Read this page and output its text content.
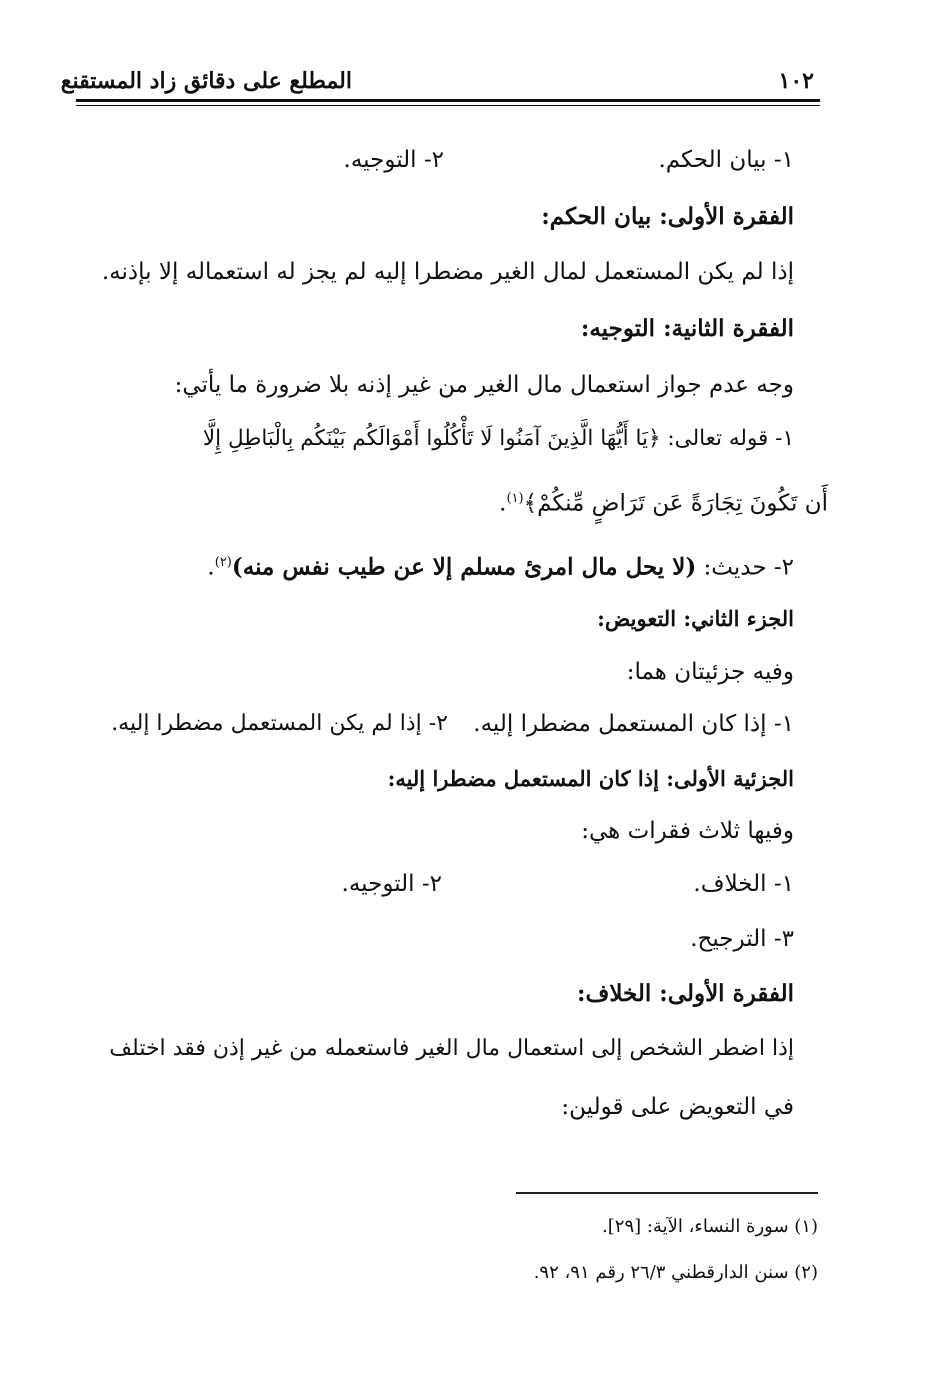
المطلع على دقائق زاد المستقنع	١٠٢
١- بيان الحكم.
٢- التوجيه.
الفقرة الأولى: بيان الحكم:
إذا لم يكن المستعمل لمال الغير مضطرا إليه لم يجز له استعماله إلا بإذنه.
الفقرة الثانية: التوجيه:
وجه عدم جواز استعمال مال الغير من غير إذنه بلا ضرورة ما يأتي:
١- قوله تعالى: ﴿يَا أَيُّهَا الَّذِينَ آمَنُوا لَا تَأْكُلُوا أَمْوَالَكُم بَيْنَكُم بِالْبَاطِلِ إِلَّا
أَن تَكُونَ تِجَارَةً عَن تَرَاضٍ مِّنكُمْ﴾$^{(١)}$.
٢- حديث: (لا يحل مال امرئ مسلم إلا عن طيب نفس منه)$^{(٢)}$.
الجزء الثاني: التعويض:
وفيه جزئيتان هما:
١- إذا كان المستعمل مضطرا إليه.
٢- إذا لم يكن المستعمل مضطرا إليه.
الجزئية الأولى: إذا كان المستعمل مضطرا إليه:
وفيها ثلاث فقرات هي:
١- الخلاف.
٢- التوجيه.
٣- الترجيح.
الفقرة الأولى: الخلاف:
إذا اضطر الشخص إلى استعمال مال الغير فاستعمله من غير إذن فقد اختلف
في التعويض على قولين:
(١) سورة النساء، الآية: [٢٩].
(٢) سنن الدارقطني ٢٦/٣ رقم ٩١، ٩٢.
